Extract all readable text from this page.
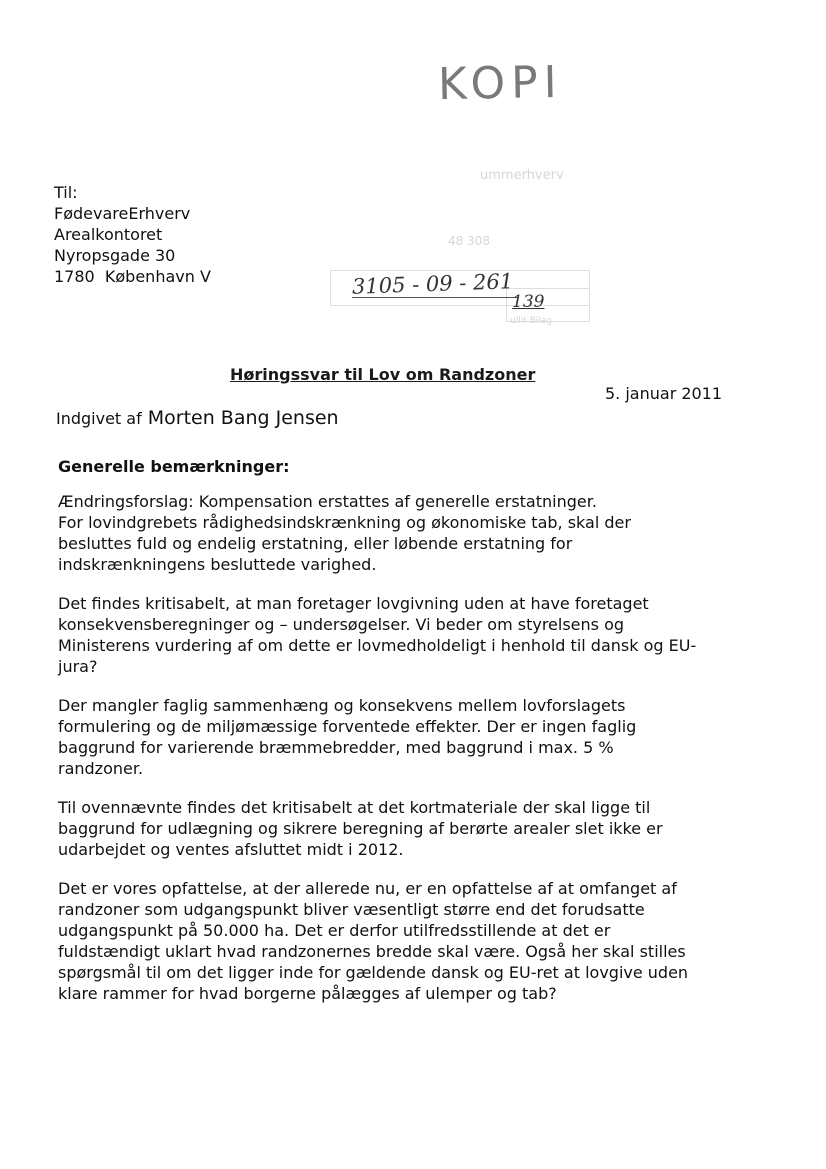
KOPI
ummerhverv
48 308
ullit Bilag
Til:
FødevareErhverv
Arealkontoret
Nyropsgade 30
1780  København V	3105 - 09 - 261
139
Høringssvar til Lov om Randzoner
5. januar 2011
Indgivet af Morten Bang Jensen
Generelle bemærkninger:
Ændringsforslag: Kompensation erstattes af generelle erstatninger.
For lovindgrebets rådighedsindskrænkning og økonomiske tab, skal der
besluttes fuld og endelig erstatning, eller løbende erstatning for
indskrænkningens besluttede varighed.
Det findes kritisabelt, at man foretager lovgivning uden at have foretaget
konsekvensberegninger og – undersøgelser. Vi beder om styrelsens og
Ministerens vurdering af om dette er lovmedholdeligt i henhold til dansk og EU-
jura?
Der mangler faglig sammenhæng og konsekvens mellem lovforslagets
formulering og de miljømæssige forventede effekter. Der er ingen faglig
baggrund for varierende bræmmebredder, med baggrund i max. 5 %
randzoner.
Til ovennævnte findes det kritisabelt at det kortmateriale der skal ligge til
baggrund for udlægning og sikrere beregning af berørte arealer slet ikke er
udarbejdet og ventes afsluttet midt i 2012.
Det er vores opfattelse, at der allerede nu, er en opfattelse af at omfanget af
randzoner som udgangspunkt bliver væsentligt større end det forudsatte
udgangspunkt på 50.000 ha. Det er derfor utilfredsstillende at det er
fuldstændigt uklart hvad randzonernes bredde skal være. Også her skal stilles
spørgsmål til om det ligger inde for gældende dansk og EU-ret at lovgive uden
klare rammer for hvad borgerne pålægges af ulemper og tab?
